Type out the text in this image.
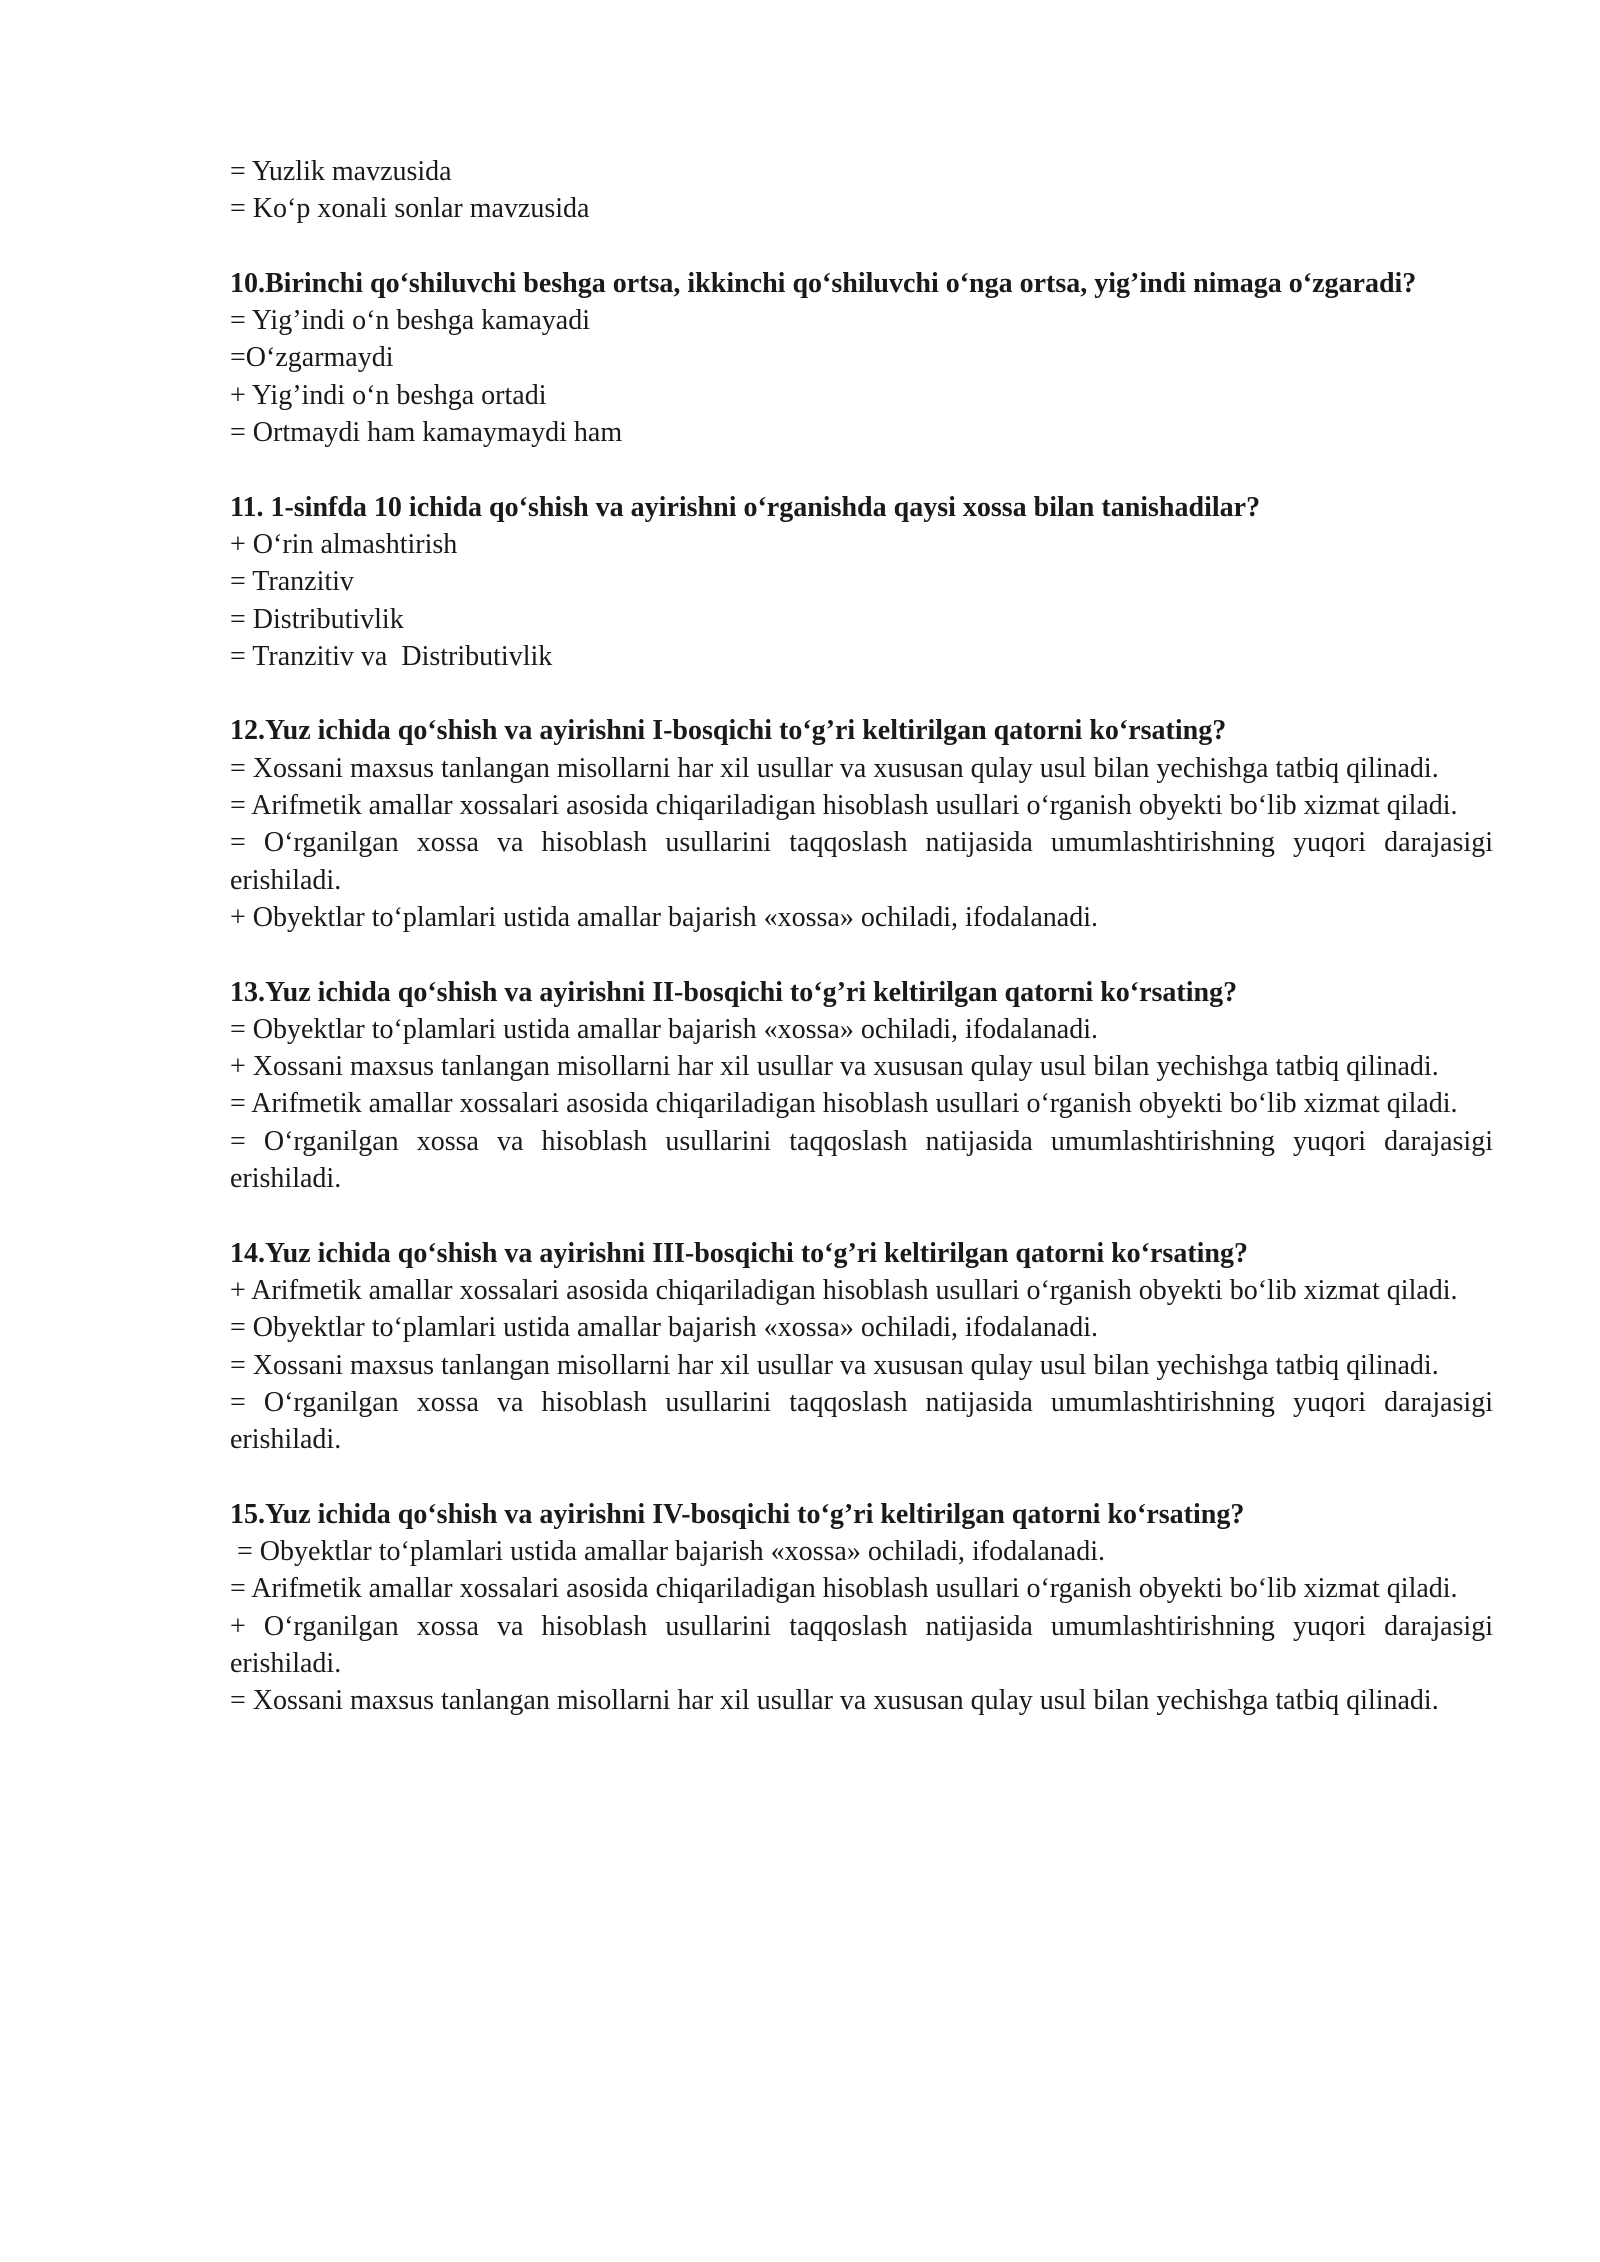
= Yuzlik mavzusida

= Ko‘p xonali sonlar mavzusida

10.Birinchi qo‘shiluvchi beshga ortsa, ikkinchi qo‘shiluvchi o‘nga ortsa, yig’indi nimaga o‘zgaradi?

= Yig’indi o‘n beshga kamayadi

=O‘zgarmaydi

+ Yig’indi o‘n beshga ortadi

= Ortmaydi ham kamaymaydi ham

11. 1-sinfda 10 ichida qo‘shish va ayirishni o‘rganishda qaysi xossa bilan tanishadilar?

+ O‘rin almashtirish

= Tranzitiv

= Distributivlik

= Tranzitiv va  Distributivlik

12.Yuz ichida qo‘shish va ayirishni I-bosqichi to‘g’ri keltirilgan qatorni ko‘rsating?

= Xossani maxsus tanlangan misollarni har xil usullar va xususan qulay usul bilan yechishga tatbiq qilinadi.

= Arifmetik amallar xossalari asosida chiqariladigan hisoblash usullari o‘rganish obyekti bo‘lib xizmat qiladi.

= O‘rganilgan xossa va hisoblash usullarini taqqoslash natijasida umumlashtirishning yuqori darajasigi erishiladi.

+ Obyektlar to‘plamlari ustida amallar bajarish «xossa» ochiladi, ifodalanadi.

13.Yuz ichida qo‘shish va ayirishni II-bosqichi to‘g’ri keltirilgan qatorni ko‘rsating?

= Obyektlar to‘plamlari ustida amallar bajarish «xossa» ochiladi, ifodalanadi.

+ Xossani maxsus tanlangan misollarni har xil usullar va xususan qulay usul bilan yechishga tatbiq qilinadi.

= Arifmetik amallar xossalari asosida chiqariladigan hisoblash usullari o‘rganish obyekti bo‘lib xizmat qiladi.

= O‘rganilgan xossa va hisoblash usullarini taqqoslash natijasida umumlashtirishning yuqori darajasigi erishiladi.

14.Yuz ichida qo‘shish va ayirishni III-bosqichi to‘g’ri keltirilgan qatorni ko‘rsating?

+ Arifmetik amallar xossalari asosida chiqariladigan hisoblash usullari o‘rganish obyekti bo‘lib xizmat qiladi.

= Obyektlar to‘plamlari ustida amallar bajarish «xossa» ochiladi, ifodalanadi.

= Xossani maxsus tanlangan misollarni har xil usullar va xususan qulay usul bilan yechishga tatbiq qilinadi.

= O‘rganilgan xossa va hisoblash usullarini taqqoslash natijasida umumlashtirishning yuqori darajasigi erishiladi.

15.Yuz ichida qo‘shish va ayirishni IV-bosqichi to‘g’ri keltirilgan qatorni ko‘rsating?

= Obyektlar to‘plamlari ustida amallar bajarish «xossa» ochiladi, ifodalanadi.

= Arifmetik amallar xossalari asosida chiqariladigan hisoblash usullari o‘rganish obyekti bo‘lib xizmat qiladi.

+ O‘rganilgan xossa va hisoblash usullarini taqqoslash natijasida umumlashtirishning yuqori darajasigi erishiladi.

= Xossani maxsus tanlangan misollarni har xil usullar va xususan qulay usul bilan yechishga tatbiq qilinadi.
